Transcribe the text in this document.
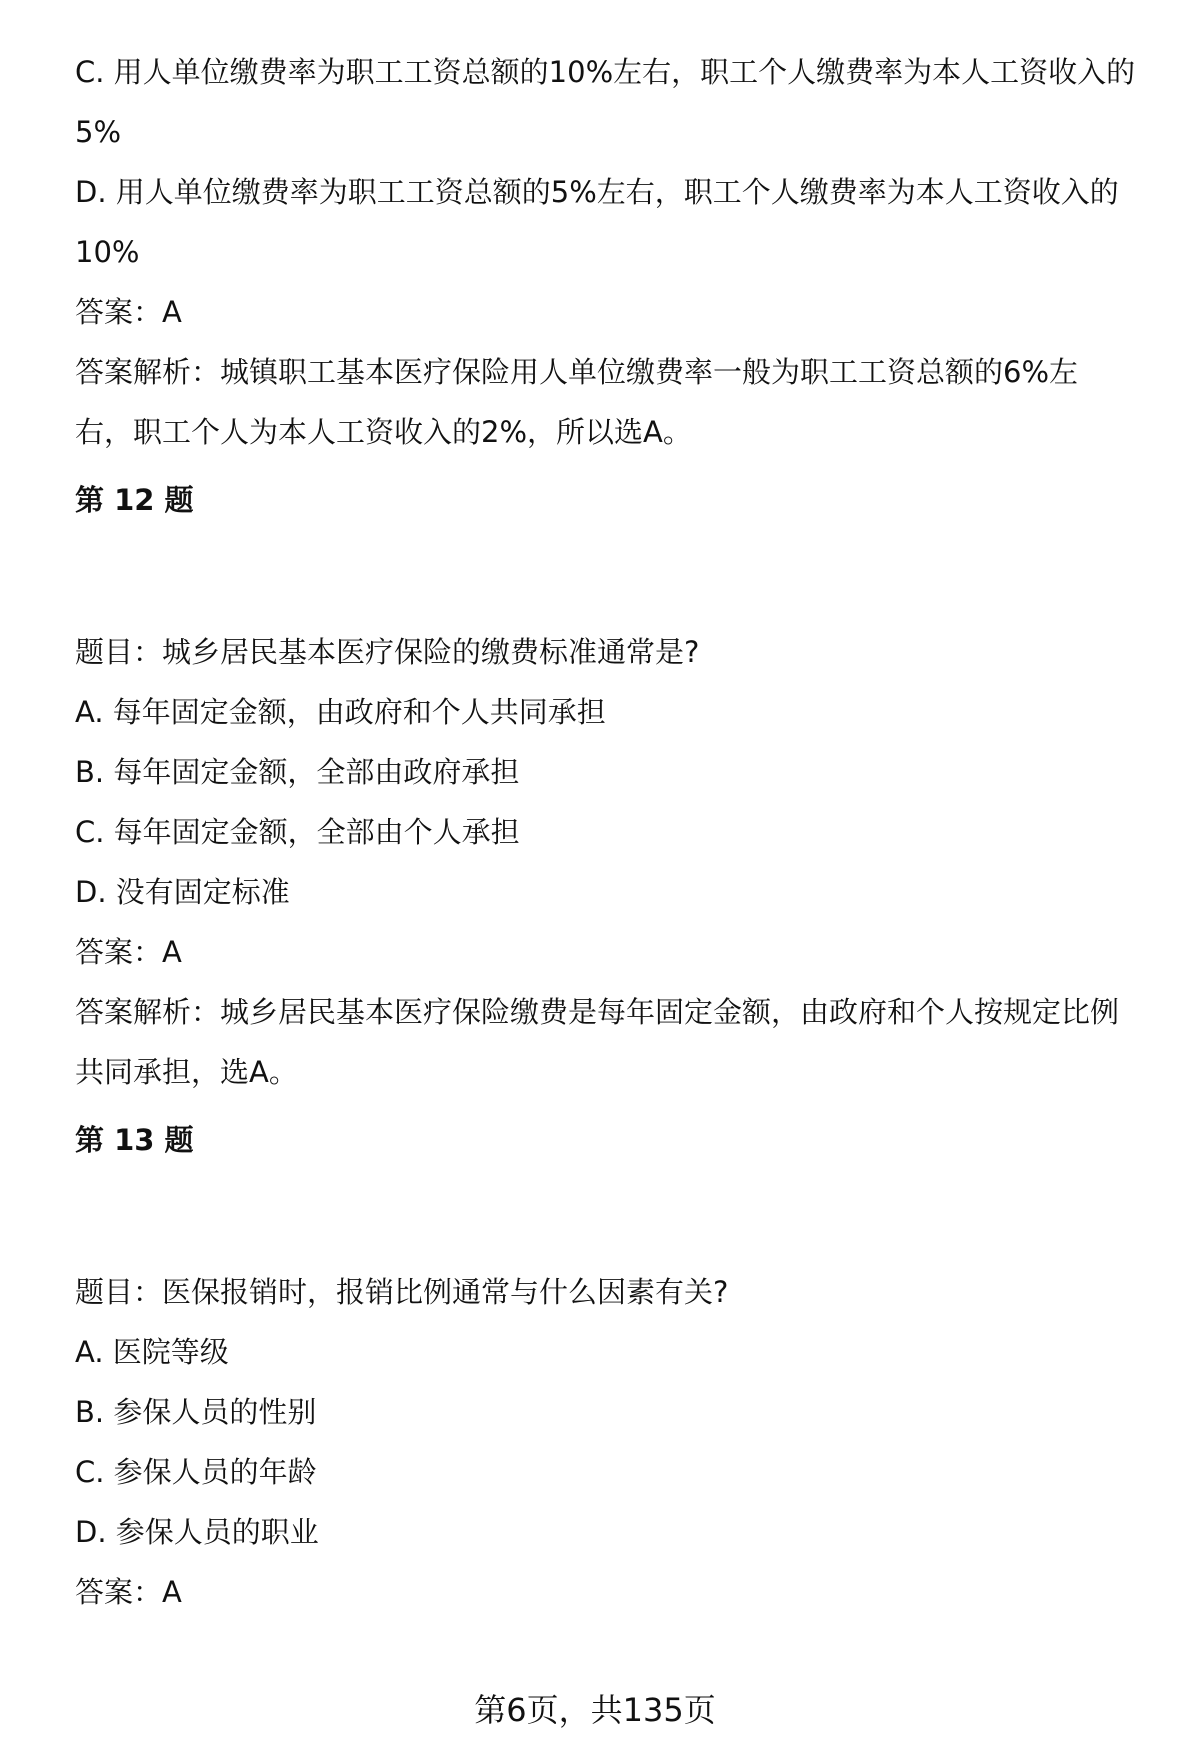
C. 用人单位缴费率为职工工资总额的10%左右，职工个人缴费率为本人工资收入的

5%

D. 用人单位缴费率为职工工资总额的5%左右，职工个人缴费率为本人工资收入的

10%

答案：A

答案解析：城镇职工基本医疗保险用人单位缴费率一般为职工工资总额的6%左

右，职工个人为本人工资收入的2%，所以选A。

第 12 题

题目：城乡居民基本医疗保险的缴费标准通常是?

A. 每年固定金额，由政府和个人共同承担

B. 每年固定金额，全部由政府承担

C. 每年固定金额，全部由个人承担

D. 没有固定标准

答案：A

答案解析：城乡居民基本医疗保险缴费是每年固定金额，由政府和个人按规定比例

共同承担，选A。

第 13 题

题目：医保报销时，报销比例通常与什么因素有关?

A. 医院等级

B. 参保人员的性别

C. 参保人员的年龄

D. 参保人员的职业

答案：A

第6页，共135页
